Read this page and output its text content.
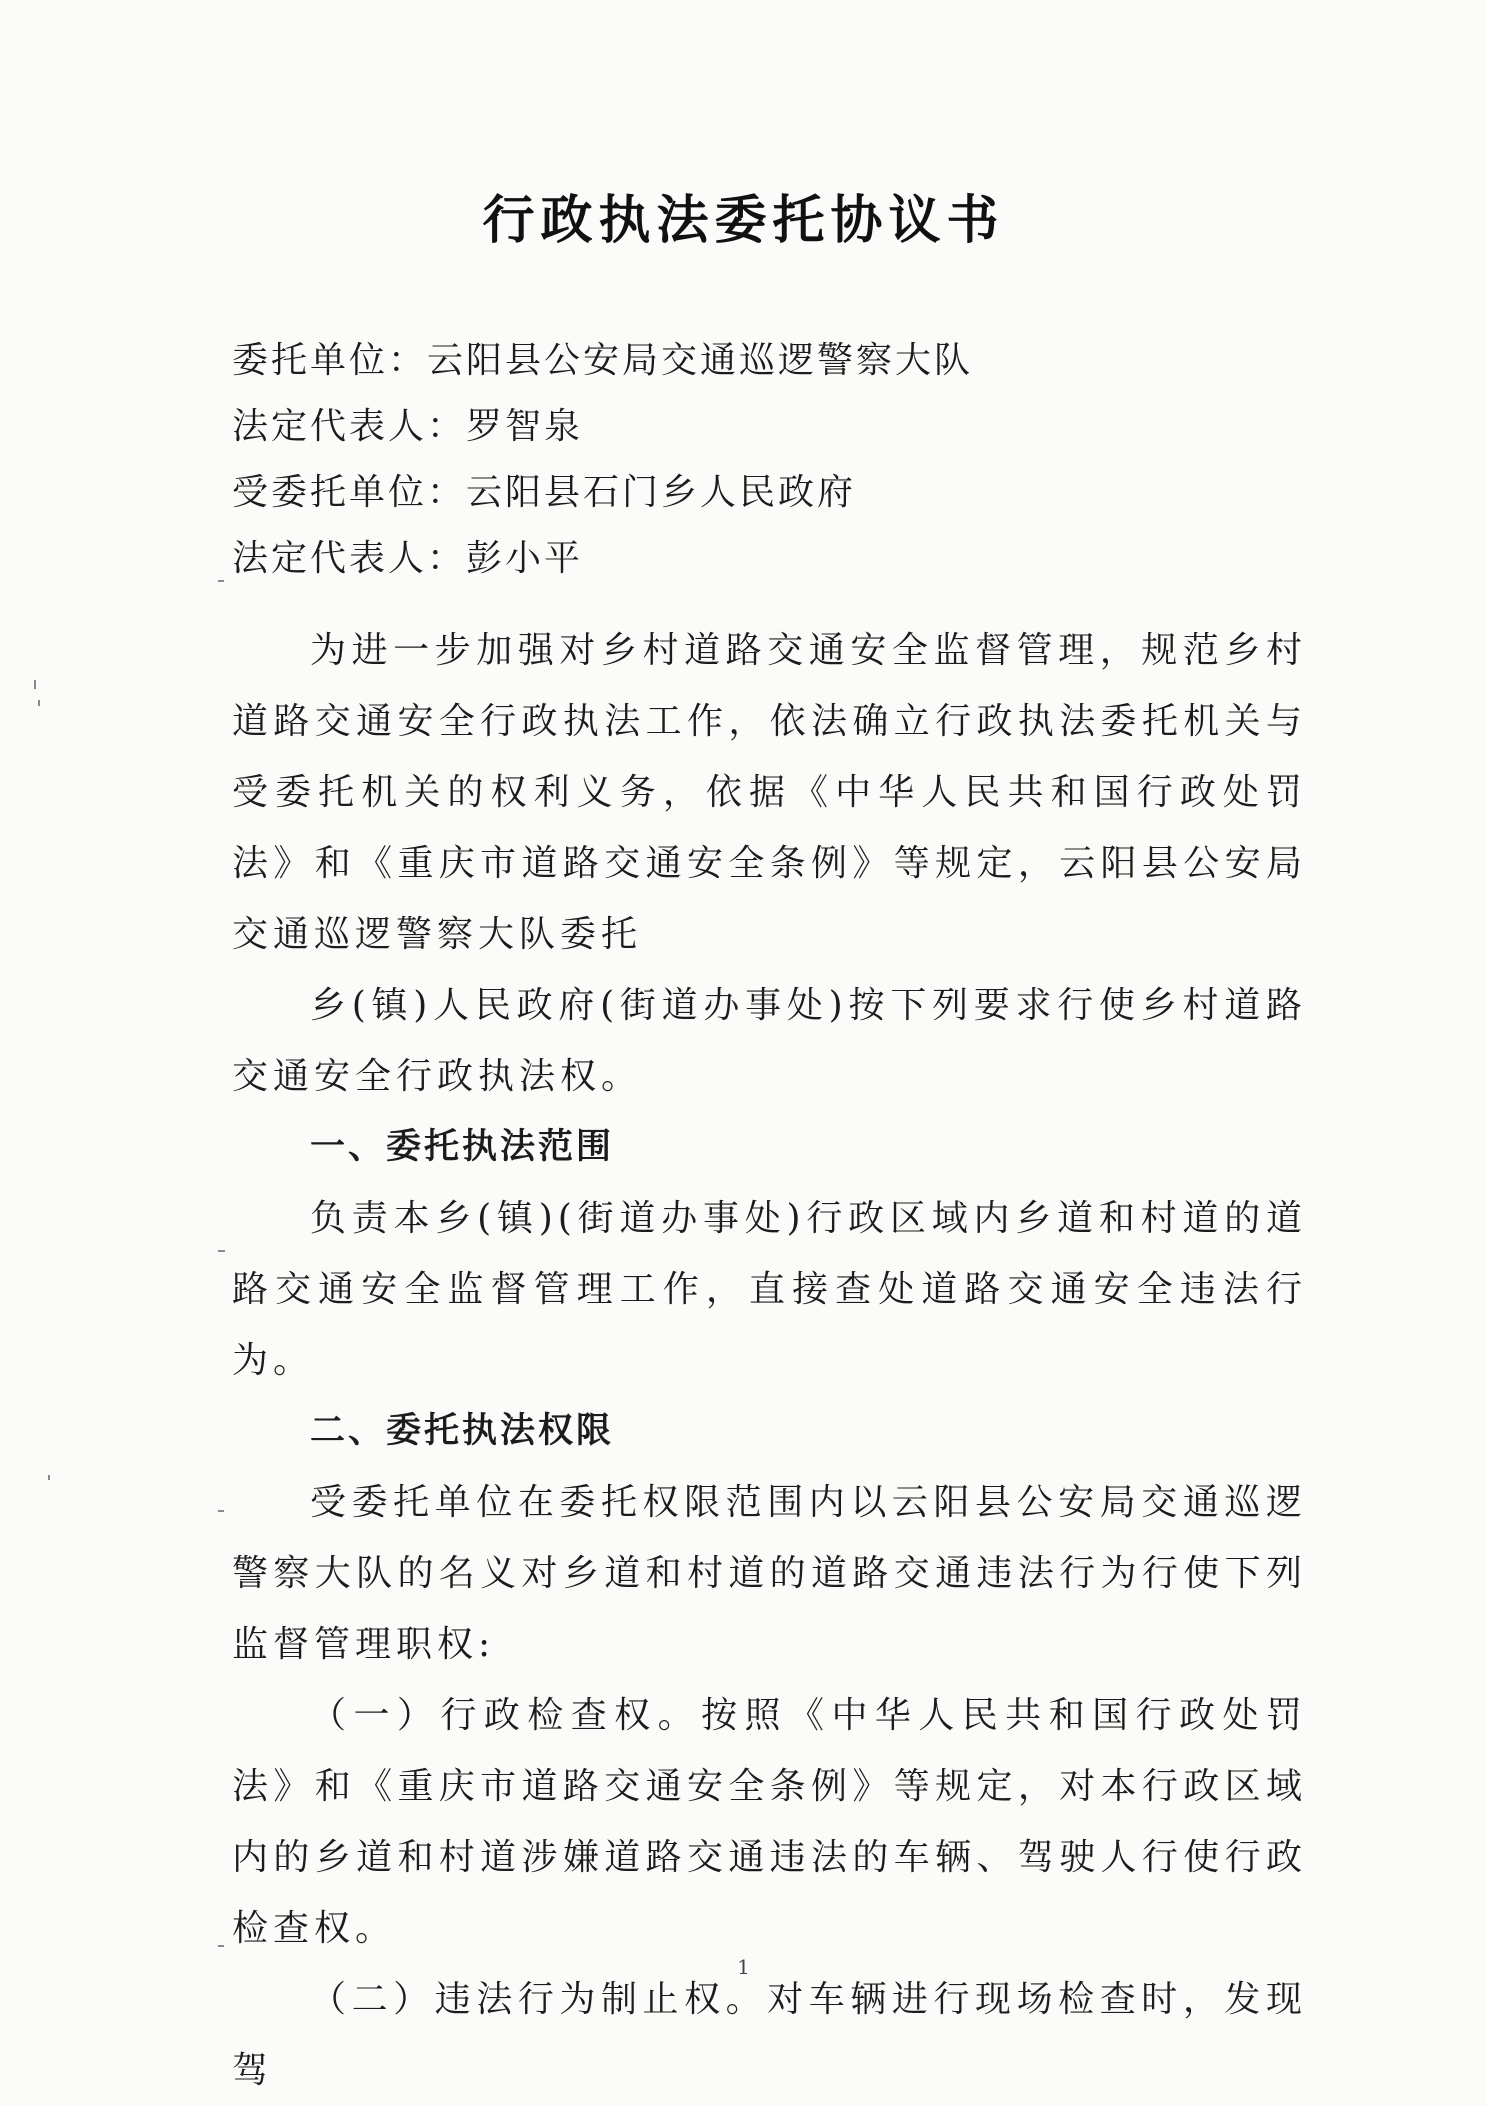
行政执法委托协议书
委托单位：云阳县公安局交通巡逻警察大队
法定代表人：罗智泉
受委托单位：云阳县石门乡人民政府
法定代表人：彭小平

为进一步加强对乡村道路交通安全监督管理，规范乡村道路交通安全行政执法工作，依法确立行政执法委托机关与受委托机关的权利义务，依据《中华人民共和国行政处罚法》和《重庆市道路交通安全条例》等规定，云阳县公安局交通巡逻警察大队委托

乡(镇)人民政府(街道办事处)按下列要求行使乡村道路交通安全行政执法权。

一、委托执法范围

负责本乡(镇)(街道办事处)行政区域内乡道和村道的道路交通安全监督管理工作，直接查处道路交通安全违法行为。

二、委托执法权限

受委托单位在委托权限范围内以云阳县公安局交通巡逻警察大队的名义对乡道和村道的道路交通违法行为行使下列监督管理职权:

（一）行政检查权。按照《中华人民共和国行政处罚法》和《重庆市道路交通安全条例》等规定，对本行政区域内的乡道和村道涉嫌道路交通违法的车辆、驾驶人行使行政检查权。

（二）违法行为制止权。对车辆进行现场检查时，发现驾

1
